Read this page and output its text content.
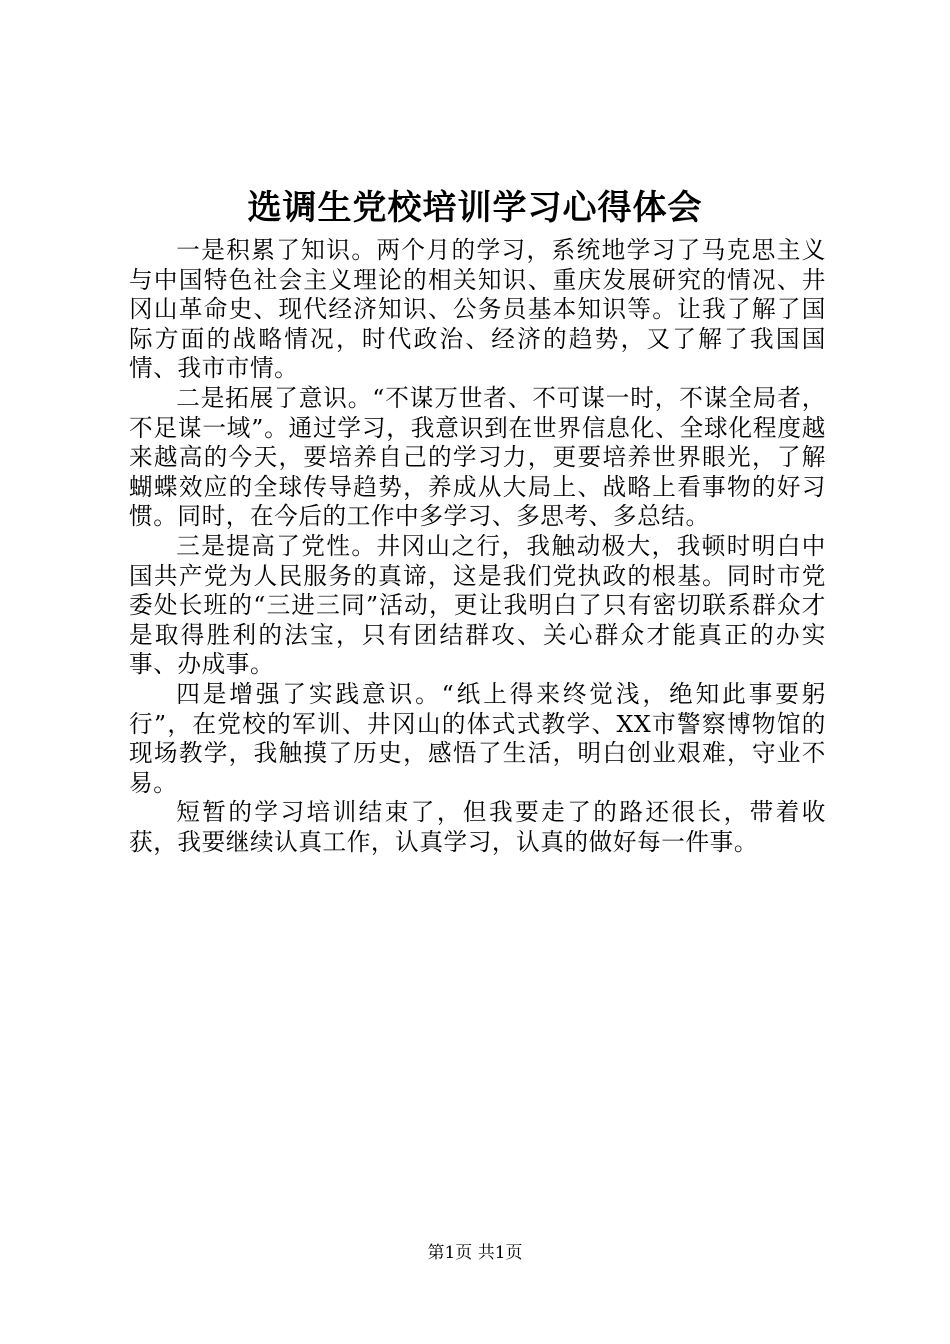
选调生党校培训学习心得体会

一是积累了知识。两个月的学习，系统地学习了马克思主义与中国特色社会主义理论的相关知识、重庆发展研究的情况、井冈山革命史、现代经济知识、公务员基本知识等。让我了解了国际方面的战略情况，时代政治、经济的趋势，又了解了我国国情、我市市情。

二是拓展了意识。“不谋万世者、不可谋一时，不谋全局者，不足谋一域”。通过学习，我意识到在世界信息化、全球化程度越来越高的今天，要培养自己的学习力，更要培养世界眼光，了解蝴蝶效应的全球传导趋势，养成从大局上、战略上看事物的好习惯。同时，在今后的工作中多学习、多思考、多总结。

三是提高了党性。井冈山之行，我触动极大，我顿时明白中国共产党为人民服务的真谛，这是我们党执政的根基。同时市党委处长班的“三进三同”活动，更让我明白了只有密切联系群众才是取得胜利的法宝，只有团结群攻、关心群众才能真正的办实事、办成事。

四是增强了实践意识。“纸上得来终觉浅，绝知此事要躬行”，在党校的军训、井冈山的体式式教学、XX市警察博物馆的现场教学，我触摸了历史，感悟了生活，明白创业艰难，守业不易。

短暂的学习培训结束了，但我要走了的路还很长，带着收获，我要继续认真工作，认真学习，认真的做好每一件事。

第1页 共1页
